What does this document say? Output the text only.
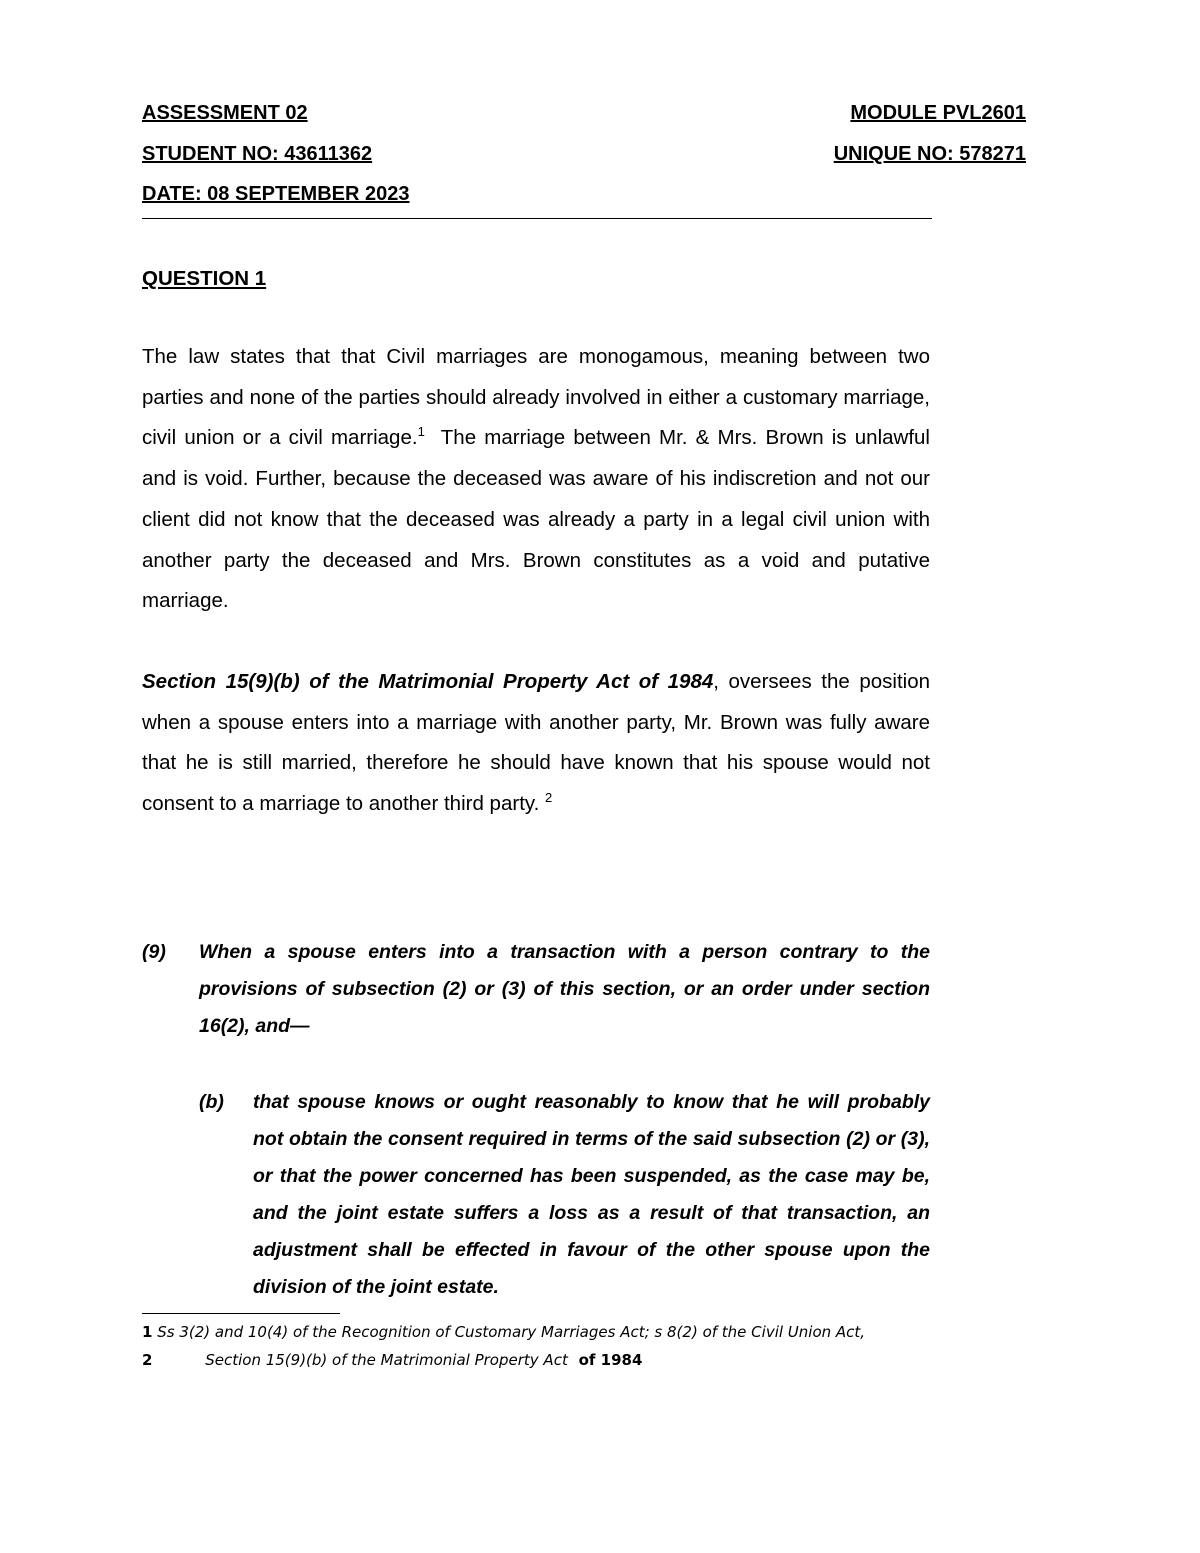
ASSESSMENT 02	MODULE PVL2601
STUDENT NO: 43611362	UNIQUE NO: 578271
DATE: 08 SEPTEMBER 2023
QUESTION 1
The law states that that Civil marriages are monogamous, meaning between two parties and none of the parties should already involved in either a customary marriage, civil union or a civil marriage.$^1$ The marriage between Mr. & Mrs. Brown is unlawful and is void. Further, because the deceased was aware of his indiscretion and not our client did not know that the deceased was already a party in a legal civil union with another party the deceased and Mrs. Brown constitutes as a void and putative marriage.
Section 15(9)(b) of the Matrimonial Property Act of 1984, oversees the position when a spouse enters into a marriage with another party, Mr. Brown was fully aware that he is still married, therefore he should have known that his spouse would not consent to a marriage to another third party. $^2$
(9) When a spouse enters into a transaction with a person contrary to the provisions of subsection (2) or (3) of this section, or an order under section 16(2), and—
(b) that spouse knows or ought reasonably to know that he will probably not obtain the consent required in terms of the said subsection (2) or (3), or that the power concerned has been suspended, as the case may be, and the joint estate suffers a loss as a result of that transaction, an adjustment shall be effected in favour of the other spouse upon the division of the joint estate.
1 Ss 3(2) and 10(4) of the Recognition of Customary Marriages Act; s 8(2) of the Civil Union Act,
2	Section 15(9)(b) of the Matrimonial Property Act of 1984
